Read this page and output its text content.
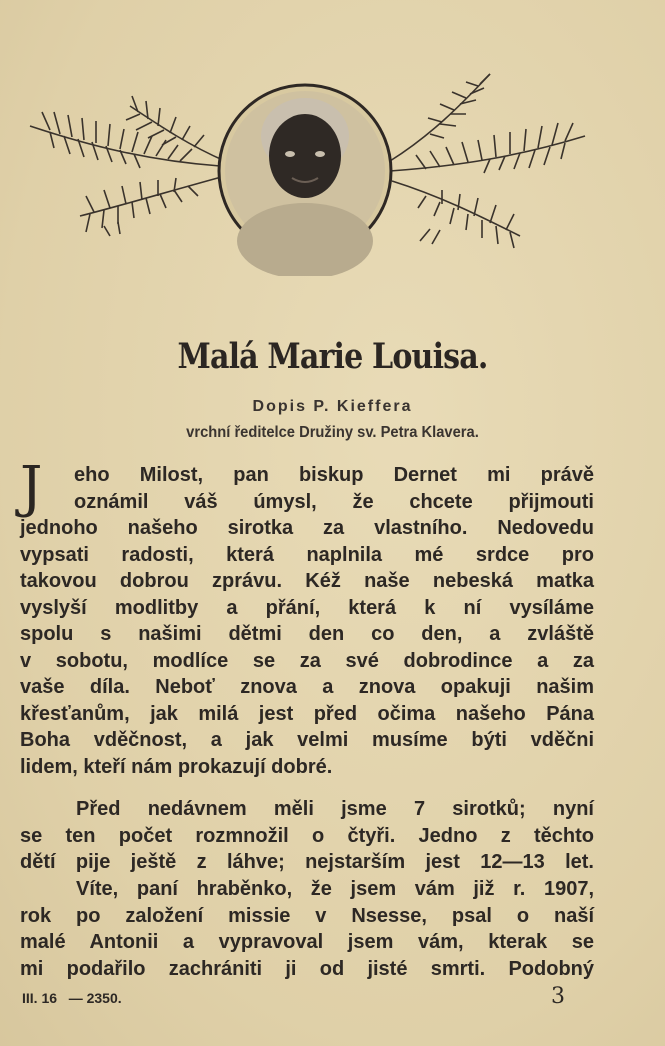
Malá Marie Louisa.
Dopis P. Kieffera
vrchní ředitelce Družiny sv. Petra Klavera.
J	eho Milost, pan biskup Dernet mi právě
oznámil váš úmysl, že chcete přijmouti
jednoho našeho sirotka za vlastního. Nedovedu
vypsati radosti, která naplnila mé srdce pro
takovou dobrou zprávu. Kéž naše nebeská matka
vyslyší modlitby a přání, která k ní vysíláme
spolu s našimi dětmi den co den, a zvláště
v sobotu, modlíce se za své dobrodince a za
vaše díla. Neboť znova a znova opakuji našim
křesťanům, jak milá jest před očima našeho Pána
Boha vděčnost, a jak velmi musíme býti vděčni
lidem, kteří nám prokazují dobré.
Před nedávnem měli jsme 7 sirotků; nyní
se ten počet rozmnožil o čtyři. Jedno z těchto
dětí pije ještě z láhve; nejstarším jest 12—13 let.
Víte, paní hraběnko, že jsem vám již r. 1907,
rok po založení missie v Nsesse, psal o naší
malé Antonii a vypravoval jsem vám, kterak se
mi podařilo zachrániti ji od jisté smrti. Podobný
III. 16   — 2350.	3
